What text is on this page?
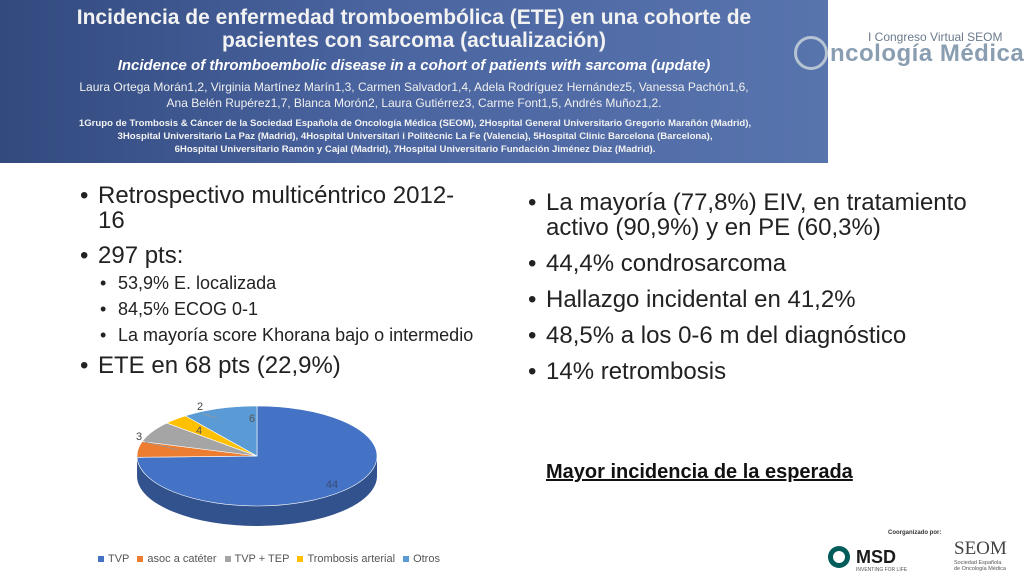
Incidencia de enfermedad tromboembólica (ETE) en una cohorte de
pacientes con sarcoma (actualización)
Incidence of thromboembolic disease in a cohort of patients with sarcoma (update)
Laura Ortega Morán1,2, Virginia Martínez Marín1,3, Carmen Salvador1,4, Adela Rodríguez Hernández5, Vanessa Pachón1,6,
Ana Belén Rupérez1,7, Blanca Morón2, Laura Gutiérrez3, Carme Font1,5, Andrés Muñoz1,2.
1Grupo de Trombosis & Cáncer de la Sociedad Española de Oncología Médica (SEOM), 2Hospital General Universitario Gregorio Marañón (Madrid),
3Hospital Universitario La Paz (Madrid), 4Hospital Universitari i Politècnic La Fe (Valencia), 5Hospital Clinic Barcelona (Barcelona),
6Hospital Universitario Ramón y Cajal (Madrid), 7Hospital Universitario Fundación Jiménez Díaz (Madrid).
I Congreso Virtual SEOM
ncología Médica
• Retrospectivo multicéntrico 2012-16
• 297 pts:
• 53,9% E. localizada
• 84,5% ECOG 0-1
• La mayoría score Khorana bajo o intermedio
• ETE en 68 pts (22,9%)
44
3	4
2
6
TVP asoc a catéter TVP + TEP Trombosis arterial Otros
• La mayoría (77,8%) EIV, en tratamiento activo (90,9%) y en PE (60,3%)
• 44,4% condrosarcoma
• Hallazgo incidental en 41,2%
• 48,5% a los 0-6 m del diagnóstico
• 14% retrombosis
Mayor incidencia de la esperada
Coorganizado por:
MSD
INVENTING FOR LIFE
SEOM
Sociedad Española
de Oncología Médica
